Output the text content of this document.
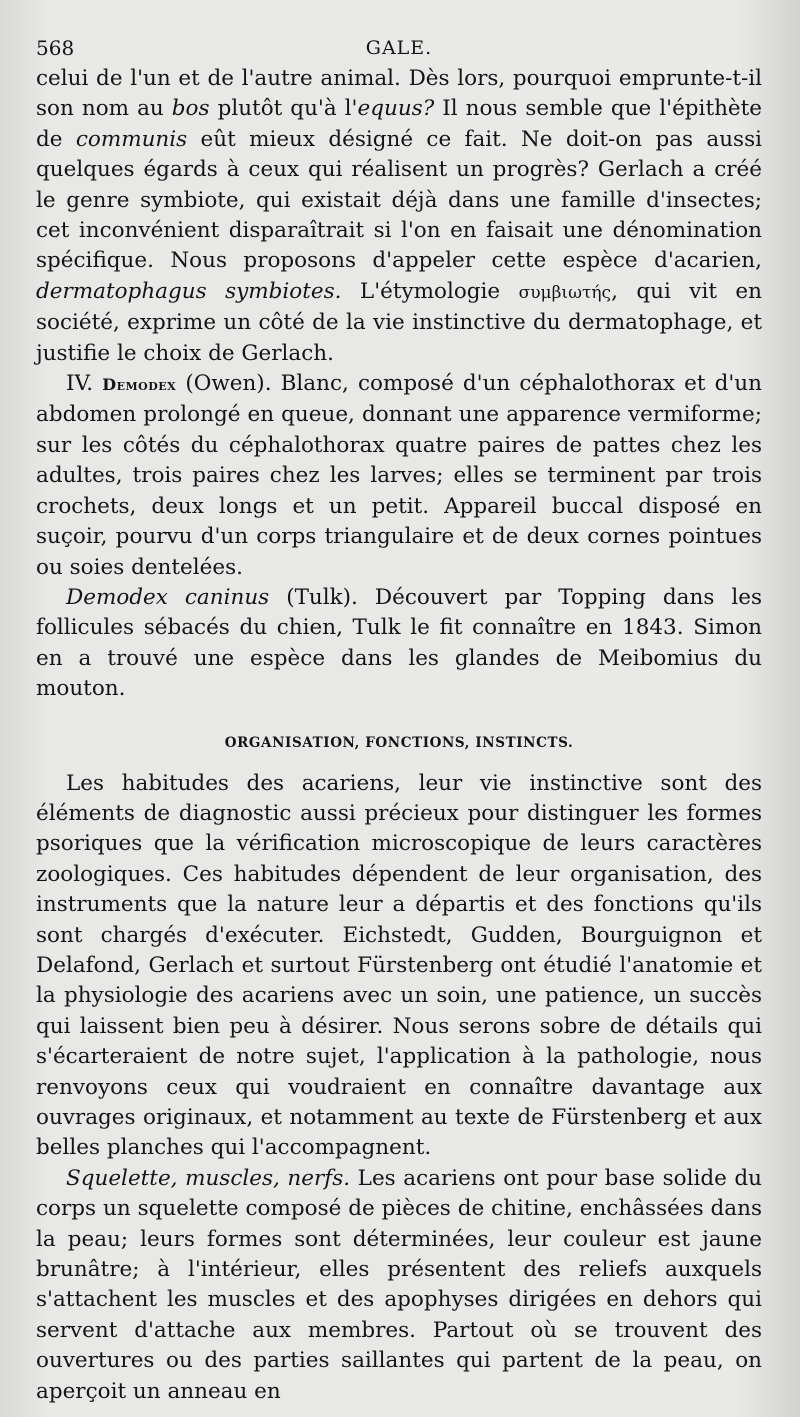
568	GALE.

celui de l'un et de l'autre animal. Dès lors, pourquoi emprunte-t-il son nom au bos plutôt qu'à l'equus? Il nous semble que l'épithète de communis eût mieux désigné ce fait. Ne doit-on pas aussi quelques égards à ceux qui réalisent un progrès? Gerlach a créé le genre symbiote, qui existait déjà dans une famille d'insectes; cet inconvénient disparaîtrait si l'on en faisait une dénomination spécifique. Nous proposons d'appeler cette espèce d'acarien, dermatophagus symbiotes. L'étymologie συμβιωτής, qui vit en société, exprime un côté de la vie instinctive du dermatophage, et justifie le choix de Gerlach.

IV. Demodex (Owen). Blanc, composé d'un céphalothorax et d'un abdomen prolongé en queue, donnant une apparence vermiforme; sur les côtés du céphalothorax quatre paires de pattes chez les adultes, trois paires chez les larves; elles se terminent par trois crochets, deux longs et un petit. Appareil buccal disposé en suçoir, pourvu d'un corps triangulaire et de deux cornes pointues ou soies dentelées.

Demodex caninus (Tulk). Découvert par Topping dans les follicules sébacés du chien, Tulk le fit connaître en 1843. Simon en a trouvé une espèce dans les glandes de Meibomius du mouton.

ORGANISATION, FONCTIONS, INSTINCTS.

Les habitudes des acariens, leur vie instinctive sont des éléments de diagnostic aussi précieux pour distinguer les formes psoriques que la vérification microscopique de leurs caractères zoologiques. Ces habitudes dépendent de leur organisation, des instruments que la nature leur a départis et des fonctions qu'ils sont chargés d'exécuter. Eichstedt, Gudden, Bourguignon et Delafond, Gerlach et surtout Fürstenberg ont étudié l'anatomie et la physiologie des acariens avec un soin, une patience, un succès qui laissent bien peu à désirer. Nous serons sobre de détails qui s'écarteraient de notre sujet, l'application à la pathologie, nous renvoyons ceux qui voudraient en connaître davantage aux ouvrages originaux, et notamment au texte de Fürstenberg et aux belles planches qui l'accompagnent.

Squelette, muscles, nerfs. Les acariens ont pour base solide du corps un squelette composé de pièces de chitine, enchâssées dans la peau; leurs formes sont déterminées, leur couleur est jaune brunâtre; à l'intérieur, elles présentent des reliefs auxquels s'attachent les muscles et des apophyses dirigées en dehors qui servent d'attache aux membres. Partout où se trouvent des ouvertures ou des parties saillantes qui partent de la peau, on aperçoit un anneau en
